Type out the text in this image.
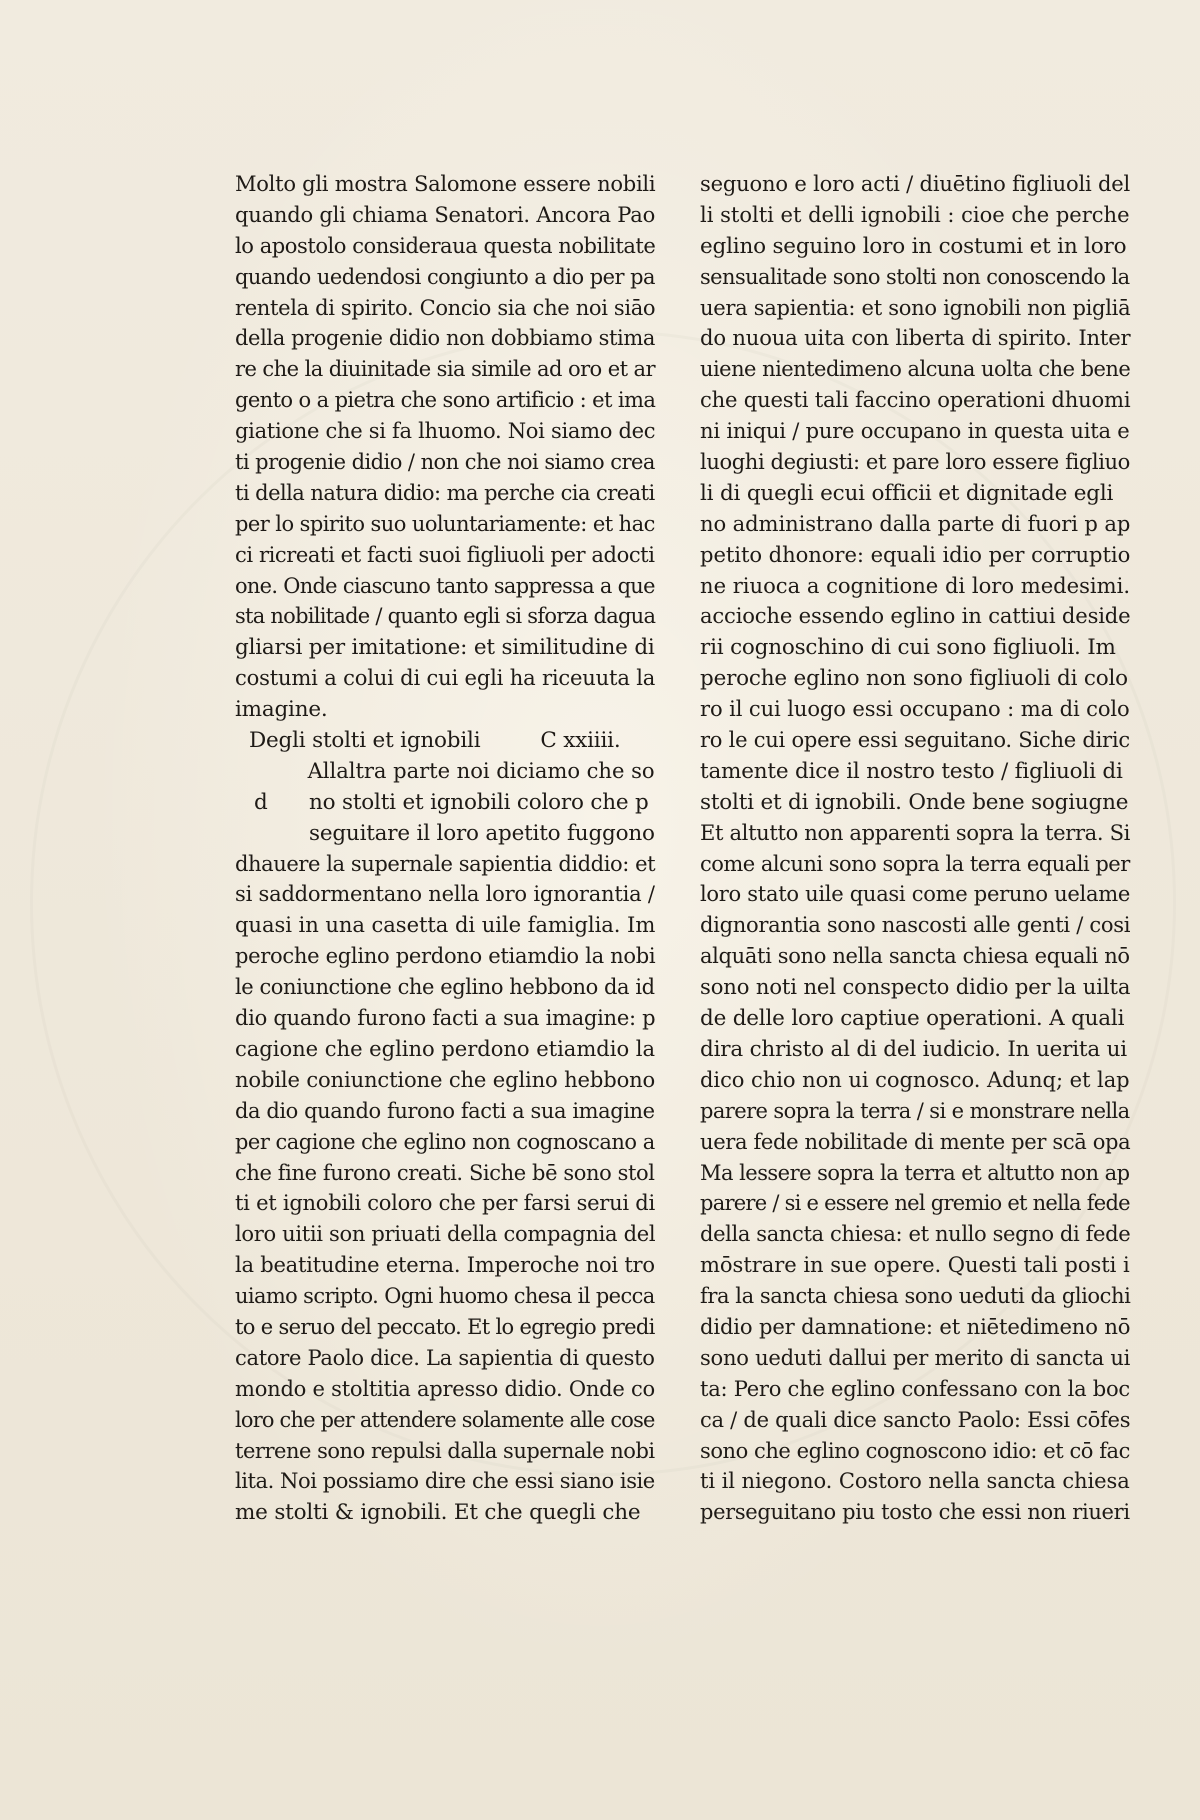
Molto gli mostra Salomone essere nobili
quando gli chiama Senatori. Ancora Pao
lo apostolo consideraua questa nobilitate
quando uedendosi congiunto a dio per pa
rentela di spirito. Concio sia che noi siāo
della progenie didio non dobbiamo stima
re che la diuinitade sia simile ad oro et ar
gento o a pietra che sono artificio : et ima
giatione che si fa lhuomo. Noi siamo dec
ti progenie didio / non che noi siamo crea
ti della natura didio: ma perche cia creati
per lo spirito suo uoluntariamente: et hac
ci ricreati et facti suoi figliuoli per adocti
one. Onde ciascuno tanto sappressa a que
sta nobilitade / quanto egli si sforza dagua
gliarsi per imitatione: et similitudine di
costumi a colui di cui egli ha riceuuta la
imagine.
Degli stolti et ignobili	C xxiiii.
d
Allaltra parte noi diciamo che so
no stolti et ignobili coloro che p
seguitare il loro apetito fuggono
dhauere la supernale sapientia diddio: et
si saddormentano nella loro ignorantia /
quasi in una casetta di uile famiglia. Im
peroche eglino perdono etiamdio la nobi
le coniunctione che eglino hebbono da id
dio quando furono facti a sua imagine: p
cagione che eglino perdono etiamdio la
nobile coniunctione che eglino hebbono
da dio quando furono facti a sua imagine
per cagione che eglino non cognoscano a
che fine furono creati. Siche bē sono stol
ti et ignobili coloro che per farsi serui di
loro uitii son priuati della compagnia del
la beatitudine eterna. Imperoche noi tro
uiamo scripto. Ogni huomo chesa il pecca
to e seruo del peccato. Et lo egregio predi
catore Paolo dice. La sapientia di questo
mondo e stoltitia apresso didio. Onde co
loro che per attendere solamente alle cose
terrene sono repulsi dalla supernale nobi
lita. Noi possiamo dire che essi siano isie
me stolti & ignobili. Et che quegli che
seguono e loro acti / diuētino figliuoli del
li stolti et delli ignobili : cioe che perche
eglino seguino loro in costumi et in loro
sensualitade sono stolti non conoscendo la
uera sapientia: et sono ignobili non pigliā
do nuoua uita con liberta di spirito. Inter
uiene nientedimeno alcuna uolta che bene
che questi tali faccino operationi dhuomi
ni iniqui / pure occupano in questa uita e
luoghi degiusti: et pare loro essere figliuo
li di quegli ecui officii et dignitade egli
no administrano dalla parte di fuori p ap
petito dhonore: equali idio per corruptio
ne riuoca a cognitione di loro medesimi.
accioche essendo eglino in cattiui deside
rii cognoschino di cui sono figliuoli. Im
peroche eglino non sono figliuoli di colo
ro il cui luogo essi occupano : ma di colo
ro le cui opere essi seguitano. Siche diric
tamente dice il nostro testo / figliuoli di
stolti et di ignobili. Onde bene sogiugne
Et altutto non apparenti sopra la terra. Si
come alcuni sono sopra la terra equali per
loro stato uile quasi come peruno uelame
dignorantia sono nascosti alle genti / cosi
alquāti sono nella sancta chiesa equali nō
sono noti nel conspecto didio per la uilta
de delle loro captiue operationi. A quali
dira christo al di del iudicio. In uerita ui
dico chio non ui cognosco. Adunq; et lap
parere sopra la terra / si e monstrare nella
uera fede nobilitade di mente per scā opa
Ma lessere sopra la terra et altutto non ap
parere / si e essere nel gremio et nella fede
della sancta chiesa: et nullo segno di fede
mōstrare in sue opere. Questi tali posti i
fra la sancta chiesa sono ueduti da gliochi
didio per damnatione: et niētedimeno nō
sono ueduti dallui per merito di sancta ui
ta: Pero che eglino confessano con la boc
ca / de quali dice sancto Paolo: Essi cōfes
sono che eglino cognoscono idio: et cō fac
ti il niegono. Costoro nella sancta chiesa
perseguitano piu tosto che essi non riueri
